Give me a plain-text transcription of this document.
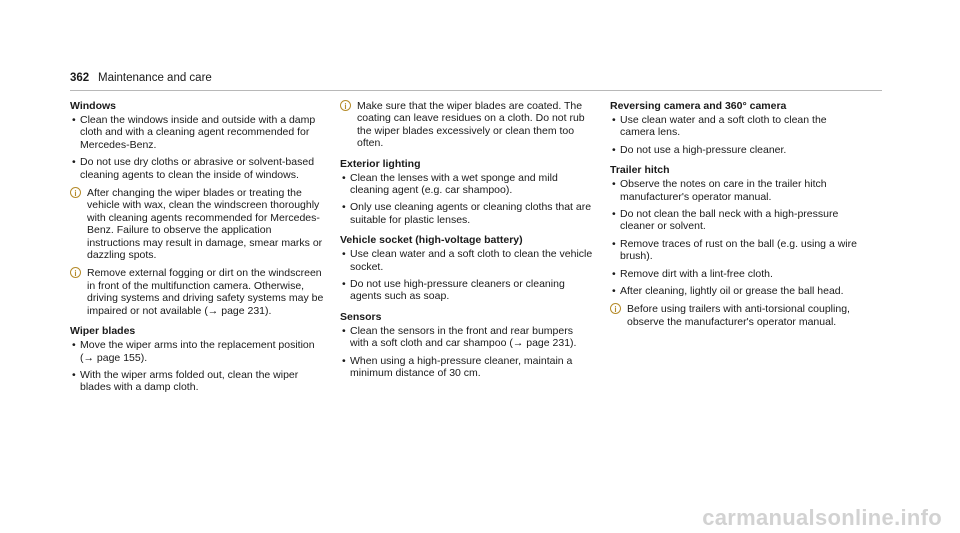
362 Maintenance and care
Windows
• Clean the windows inside and outside with a damp cloth and with a cleaning agent recommended for Mercedes-Benz.
• Do not use dry cloths or abrasive or solvent-based cleaning agents to clean the inside of windows.
i After changing the wiper blades or treating the vehicle with wax, clean the windscreen thoroughly with cleaning agents recommended for Mercedes-Benz. Failure to observe the application instructions may result in damage, smear marks or dazzling spots.
i Remove external fogging or dirt on the windscreen in front of the multifunction camera. Otherwise, driving systems and driving safety systems may be impaired or not available (→ page 231).
Wiper blades
• Move the wiper arms into the replacement position (→ page 155).
• With the wiper arms folded out, clean the wiper blades with a damp cloth.
i Make sure that the wiper blades are coated. The coating can leave residues on a cloth. Do not rub the wiper blades excessively or clean them too often.
Exterior lighting
• Clean the lenses with a wet sponge and mild cleaning agent (e.g. car shampoo).
• Only use cleaning agents or cleaning cloths that are suitable for plastic lenses.
Vehicle socket (high-voltage battery)
• Use clean water and a soft cloth to clean the vehicle socket.
• Do not use high-pressure cleaners or cleaning agents such as soap.
Sensors
• Clean the sensors in the front and rear bumpers with a soft cloth and car shampoo (→ page 231).
• When using a high-pressure cleaner, maintain a minimum distance of 30 cm.
Reversing camera and 360° camera
• Use clean water and a soft cloth to clean the camera lens.
• Do not use a high-pressure cleaner.
Trailer hitch
• Observe the notes on care in the trailer hitch manufacturer's operator manual.
• Do not clean the ball neck with a high-pressure cleaner or solvent.
• Remove traces of rust on the ball (e.g. using a wire brush).
• Remove dirt with a lint-free cloth.
• After cleaning, lightly oil or grease the ball head.
i Before using trailers with anti-torsional coupling, observe the manufacturer's operator manual.
carmanualsonline.info
